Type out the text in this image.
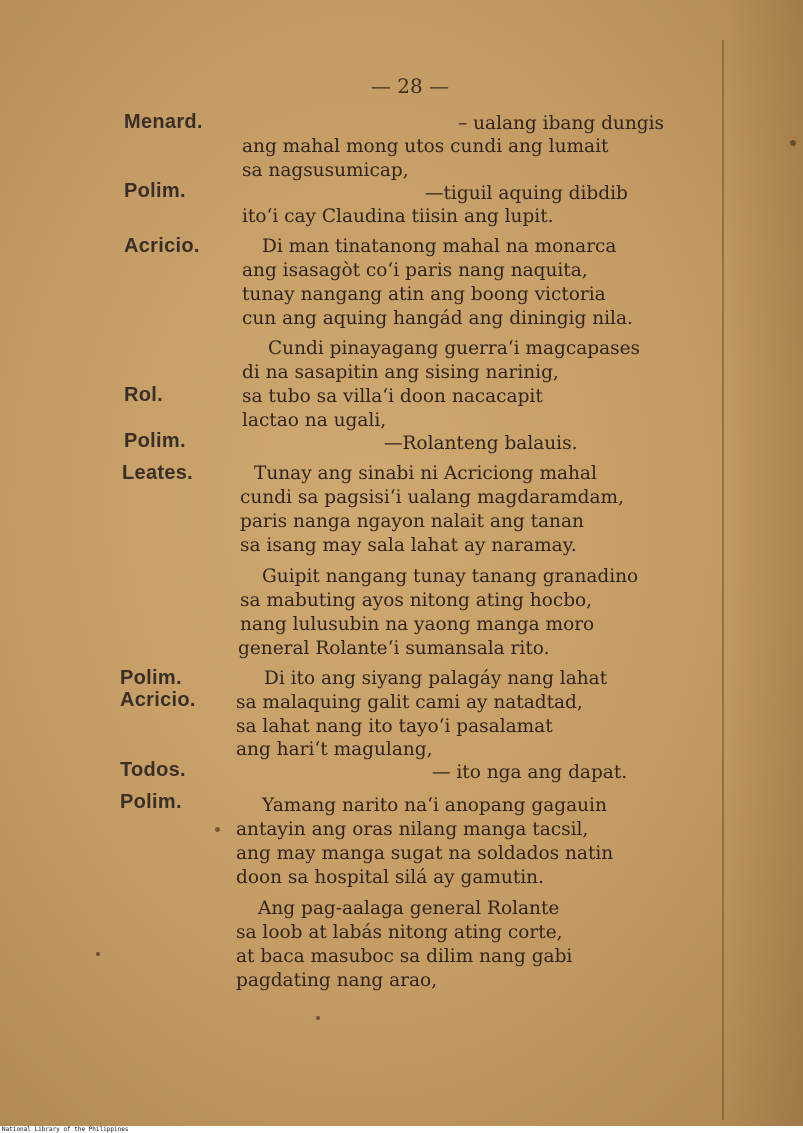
— 28 —
Menard.
Polim.
Acricio.
Rol.
Polim.
Leates.
Polim.
Acricio.
Todos.
Polim.
– ualang ibang dungis
ang mahal mong utos cundi ang lumait
sa nagsusumicap,
—tiguil aquing dibdib
ito‘i cay Claudina tiisin ang lupit.
Di man tinatanong mahal na monarca
ang isasagòt co‘i paris nang naquita,
tunay nangang atin ang boong victoria
cun ang aquing hangád ang diningig nila.
Cundi pinayagang guerra‘i magcapases
di na sasapitin ang sising narinig,
sa tubo sa villa‘i doon nacacapit
lactao na ugali,
—Rolanteng balauis.
Tunay ang sinabi ni Acriciong mahal
cundi sa pagsisi‘i ualang magdaramdam,
paris nanga ngayon nalait ang tanan
sa isang may sala lahat ay naramay.
Guipit nangang tunay tanang granadino
sa mabuting ayos nitong ating hocbo,
nang lulusubin na yaong manga moro
general Rolante‘i sumansala rito.
Di ito ang siyang palagáy nang lahat
sa malaquing galit cami ay natadtad,
sa lahat nang ito tayo‘i pasalamat
ang hari‘t magulang,
— ito nga ang dapat.
Yamang narito na‘i anopang gagauin
antayin ang oras nilang manga tacsil,
ang may manga sugat na soldados natin
doon sa hospital silá ay gamutin.
Ang pag-aalaga general Rolante
sa loob at labás nitong ating corte,
at baca masuboc sa dilim nang gabi
pagdating nang arao,
National Library of the Philippines
